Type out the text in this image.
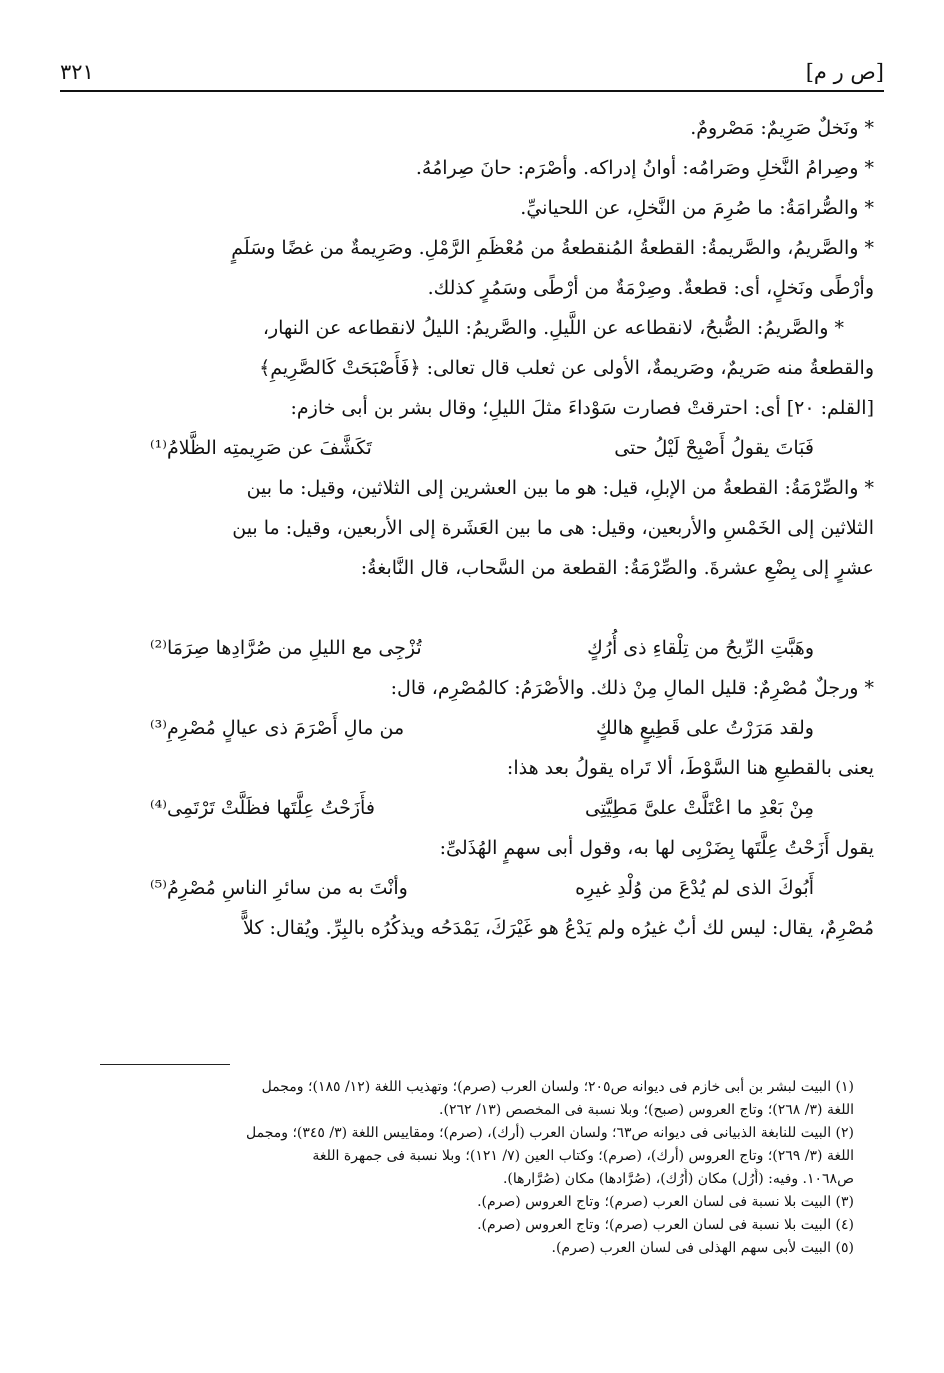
[ص ر م]
٣٢١
* ونَخلٌ صَرِيمٌ: مَصْرومٌ.
* وصِرامُ النَّخلِ وصَرامُه: أوانُ إدراكه. وأصْرَم: حانَ صِرامُهُ.
* والصُّرامَةُ: ما صُرِمَ من النَّخلِ، عن اللحيانيِّ.
* والصَّريمُ، والصَّريمةُ: القطعةُ المُنقطعةُ من مُعْظَمِ الرَّمْلِ. وصَرِيمةٌ من غضًا وسَلَمٍ
وأرْطًى ونَخلٍ، أى: قطعةٌ. وصِرْمَةٌ من أرْطًى وسَمُرٍ كذلك.
* والصَّريمُ: الصُّبحُ، لانقطاعه عن اللَّيلِ. والصَّريمُ: الليلُ لانقطاعه عن النهار،
والقطعةُ منه صَريمٌ، وصَريمةٌ، الأولى عن ثعلب قال تعالى: ﴿فَأَصْبَحَتْ كَالصَّرِيمِ﴾
[القلم: ٢٠] أى: احترقتْ فصارت سَوْداءَ مثلَ الليلِ؛ وقال بشر بن أبى خازم:
فَبَاتَ يقولُ أَصْبِحْ لَيْلُ حتى
تَكَشَّفَ عن صَرِيمتِه الظَّلامُ⁽¹⁾
* والصِّرْمَةُ: القطعةُ من الإبلِ، قيل: هو ما بين العشرين إلى الثلاثين، وقيل: ما بين
الثلاثين إلى الخَمْسِ والأربعين، وقيل: هى ما بين العَشَرة إلى الأربعين، وقيل: ما بين
عشرٍ إلى بِضْعِ عشرةَ. والصِّرْمَةُ: القطعة من السَّحاب، قال النَّابغةُ:
وهَبَّتِ الرِّيحُ من تِلْقاءِ ذى أُرُكٍ
تُزْجِى مع الليلِ من صُرَّادِها صِرَمَا⁽²⁾
* ورجلٌ مُصْرِمٌ: قليل المالِ مِنْ ذلك. والأصْرَمُ: كالمُصْرِم، قال:
ولقد مَرَرْتُ على قَطِيعٍ هالكٍ
من مالِ أَصْرَمَ ذى عيالٍ مُصْرِمِ⁽³⁾
يعنى بالقطيعِ هنا السَّوْطَ، ألا تَراه يقولُ بعد هذا:
مِنْ بَعْدِ ما اعْتَلَّتْ علىَّ مَطِيَّتِى
فأَزَحْتُ عِلَّتَها فظَلَّتْ تَرْتَمِى⁽⁴⁾
يقول أَزَحْتُ عِلَّتَها بِضَرْبِى لها به، وقول أبى سهمٍ الهُذَلىِّ:
أَبُوكَ الذى لم يُدْعَ من وُلْدِ غيرِه
وأنْتَ به من سائرِ الناسِ مُصْرِمُ⁽⁵⁾
مُصْرِمٌ، يقال: ليس لك أبٌ غيرُه ولم يَدْعُ هو غَيْرَكَ، يَمْدَحُه ويذكُرُه بالبِرِّ. ويُقال: كلاًّ
(١) البيت لبشر بن أبى خازم فى ديوانه ص٢٠٥؛ ولسان العرب (صرم)؛ وتهذيب اللغة (١٢/ ١٨٥)؛ ومجمل
اللغة (٣/ ٢٦٨)؛ وتاج العروس (صبح)؛ وبلا نسبة فى المخصص (١٣/ ٢٦٢).
(٢) البيت للنابغة الذبيانى فى ديوانه ص٦٣؛ ولسان العرب (أرك)، (صرم)؛ ومقاييس اللغة (٣/ ٣٤٥)؛ ومجمل
اللغة (٣/ ٢٦٩)؛ وتاج العروس (أرك)، (صرم)؛ وكتاب العين (٧/ ١٢١)؛ وبلا نسبة فى جمهرة اللغة
ص١٠٦٨. وفيه: (أُرُل) مكان (أُرُك)، (صُرَّادها) مكان (صُرَّارها).
(٣) البيت بلا نسبة فى لسان العرب (صرم)؛ وتاج العروس (صرم).
(٤) البيت بلا نسبة فى لسان العرب (صرم)؛ وتاج العروس (صرم).
(٥) البيت لأبى سهم الهذلى فى لسان العرب (صرم).
